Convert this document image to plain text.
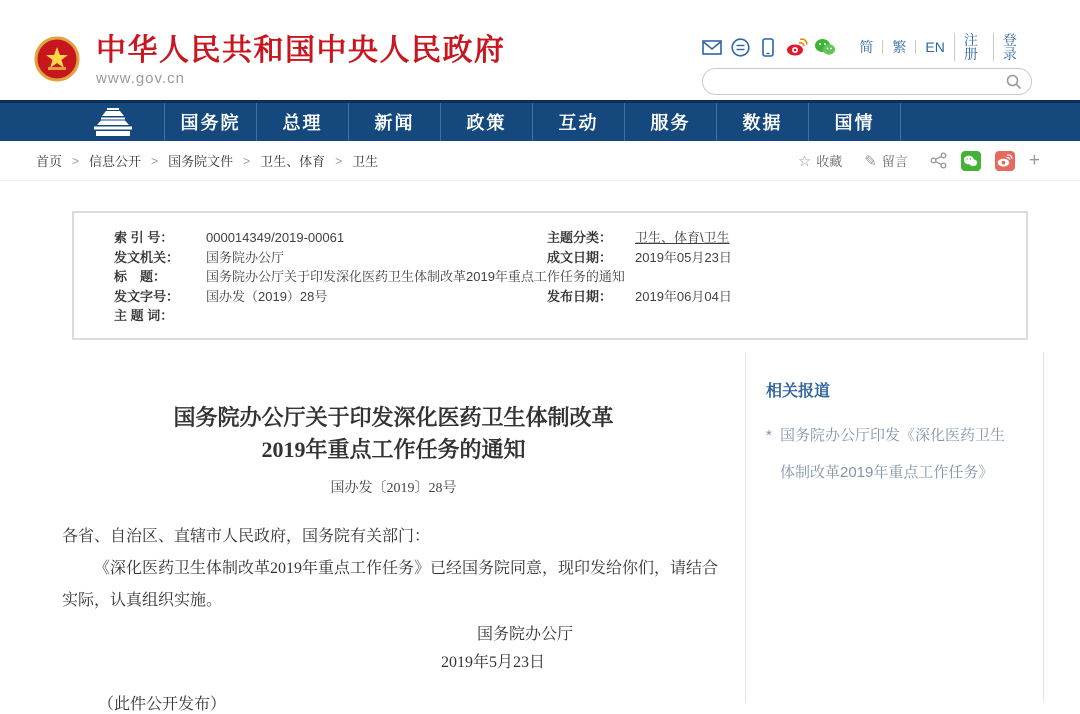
中华人民共和国中央人民政府
www.gov.cn
简	繁	EN	注册
登录
国务院	总理	新闻	政策	互动	服务	数据	国情
首页 > 信息公开 > 国务院文件 > 卫生、体育 > 卫生	☆ 收藏 ✎ 留言	+
索 引 号：	000014349/2019-00061	主题分类：	卫生、体育\卫生
发文机关：	国务院办公厅	成文日期：	2019年05月23日
标　题：	国务院办公厅关于印发深化医药卫生体制改革2019年重点工作任务的通知
发文字号：	国办发（2019）28号	发布日期：	2019年06月04日
主 题 词：
国务院办公厅关于印发深化医药卫生体制改革
2019年重点工作任务的通知
国办发〔2019〕28号

各省、自治区、直辖市人民政府，国务院有关部门：

《深化医药卫生体制改革2019年重点工作任务》已经国务院同意，现印发给你们，请结合实际，认真组织实施。

国务院办公厅
2019年5月23日
（此件公开发布）
相关报道
* 国务院办公厅印发《深化医药卫生体制改革2019年重点工作任务》
